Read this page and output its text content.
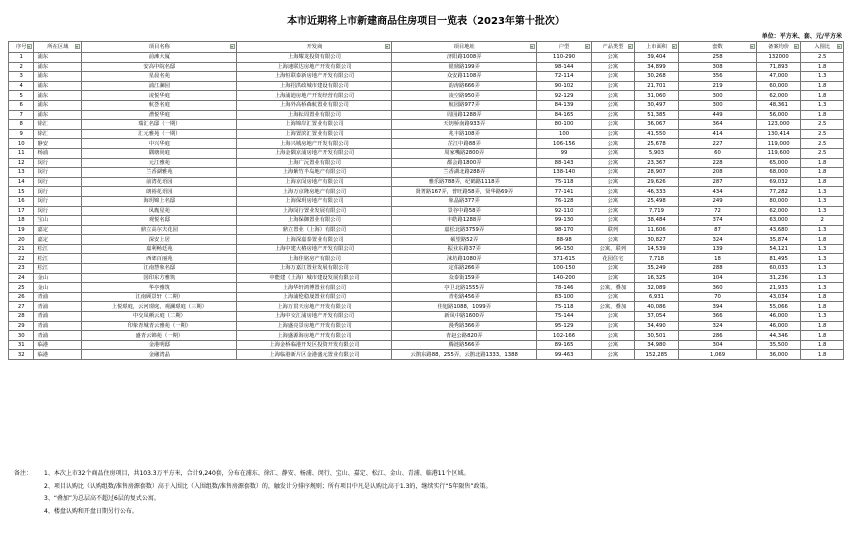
本市近期将上市新建商品住房项目一览表（2023年第十批次）
单位：平方米、套、元/平方米
序号	所在区域	项目名称	开发商	项目地址	户型	产品类型	上市面积	套数	备案均价	入围比

1	浦东	前滩大厦	上海耀龙投资有限公司	济阳路1008弄	110-290	公寓	39,404	258	132000	2.5
2	浦东	安高中皖名邸	上海速联达房地产开发有限公司	银鼎路199弄	98-144	公寓	34,899	308	71,893	1.8
3	浦东	星晨名苑	上海恒联泰新房地产开发有限公司	众安路1108弄	72-114	公寓	30,268	356	47,000	1.3
4	浦东	浦江澜园	上海招洪政城市建设有限公司	韵涛路666弄	90-102	公寓	21,701	219	60,000	1.8
5	浦东	凌悦华庭	上海浦迪房地产开发经营有限公司	凌空路950弄	92-129	公寓	31,060	300	62,000	1.8
6	浦东	航荟名庭	上海外高桥森航置业有限公司	航园路977弄	84-139	公寓	30,497	300	48,361	1.3
7	浦东	漕悦华庭	上海耘周置业有限公司	周园路1288弄	84-165	公寓	51,385	449	56,000	1.8
8	徐汇	瑞汇名邸（一期）	上海锦岸汇置业有限公司	天钥桥南路933弄	80-100	公寓	36,067	364	123,000	2.5
9	徐汇	汇元雅苑（一期）	上海置滨汇置业有限公司	兆丰路108弄	100	公寓	41,550	414	130,414	2.5
10	静安	中兴华庭	上海兴城房地产开发有限公司	芷江中路88弄	106-156	公寓	25,678	227	119,000	2.5
11	杨浦	隅塘尚庭	上海金隅京浦房地产开发有限公司	周家嘴路2800弄	99	公寓	5,903	60	119,600	2.5
12	闵行	元江雅苑	上海广沅置业有限公司	都会路1800弄	88-143	公寓	23,367	228	65,000	1.8
13	闵行	兰香湖雅苑	上海紫竹半岛地产有限公司	兰香湖北路288弄	138-140	公寓	28,907	208	68,000	1.8
14	闵行	前湾花语园	上海京闵房地产有限公司	雅乐路788弄，纪鹤路1118弄	75-118	公寓	29,626	287	69,032	1.8
15	闵行	朗裕花语园	上海万京隆房地产有限公司	贤菁路167弄，普旺路58弄，贤华路69弄	77-141	公寓	46,333	434	77,282	1.3
16	闵行	海玥锦上名邸	上海保玥房地产有限公司	象晶路377弄	76-128	公寓	25,498	249	80,000	1.3
17	闵行	凤胤星苑	上海闵行置业发展有限公司	景谷中路58弄	92-110	公寓	7,719	72	62,000	1.3
18	宝山	观悦名邸	上海保御置业有限公司	丰皓路1288弄	99-130	公寓	38,484	374	63,000	2
19	嘉定	鼎立高尔夫花园	鼎立置业（上海）有限公司	嘉松北路3759弄	98-170	联列	11,606	87	43,680	1.3
20	嘉定	深安上居	上海深嘉泰置业有限公司	硕望路52弄	88-98	公寓	30,827	324	35,874	1.8
21	松江	嘉利畅廷苑	上海中建大椿房地产开发有限公司	振业东路37弄	96-150	公寓，联列	14,539	139	54,121	1.3
22	松江	西郊百丽苑	上海佳铭房产有限公司	涞坊路1080弄	371-615	花园住宅	7,718	18	81,495	1.3
23	松江	江南慧象名邸	上海万嘉江置业发展有限公司	定佑路266弄	100-150	公寓	35,249	288	60,033	1.3
24	金山	国印东方雅筑	中能建（上海）城市建设发展有限公司	众泰街159弄	140-200	公寓	16,325	104	31,236	1.3
25	金山	华亭雅筑	上海华轩鸿博置业有限公司	亭卫北路1555弄	78-146	公寓，叠加	32,089	360	21,933	1.3
26	青浦	江南顾景轩（二期）	上海浦伦稳晟置业有限公司	青松路456弄	83-100	公寓	6,931	70	43,034	1.8
27	青浦	上悦璟庭，云河璟庭，观澜璟庭（三期）	上海万贯天房地产开发有限公司	佳旭路1088，1099弄	75-118	公寓，叠加	40,086	394	55,066	1.8
28	青浦	中交凤栖云庭（二期）	上海中交汇浦房地产开发有限公司	新凤中路1600弄	75-144	公寓	37,054	366	46,000	1.3
29	青浦	印象青城青云雅苑（一期）	上海盛亮景房地产开发有限公司	漫秀路366弄	95-129	公寓	34,490	324	46,000	1.8
30	青浦	盛青云锦苑（一期）	上海盛源海房地产开发有限公司	青赵公路820弄	102-166	公寓	30,501	286	44,346	1.8
31	临港	金港明邸	上海金桥临港开发区投资开发有限公司	腾涟路566弄	89-165	公寓	34,980	304	35,500	1.8
32	临港	金融湾晶	上海临港新片区金港盛元置业有限公司	云鹊东路88，255弄，云鹊北路1333，1388	99-463	公寓	152,285	1,069	36,000	1.8
备注： 1、本次上市32个商品住房项目，共103.3万平方米，合计9,240套，分布在浦东、徐汇、静安、杨浦、闵行、宝山、嘉定、松江、金山、青浦、临港11个区域。
2、项目认购比（认购组数/准售房源套数）高于入围比（入围组数/准售房源套数）的，触发计分排序规则；所有项目中凡是认购比高于1.3的，继续实行“5年限售”政策。
3、“叠加”为总层高不超过6层的复式公寓。
4、楼盘认购和开盘日期另行公布。
